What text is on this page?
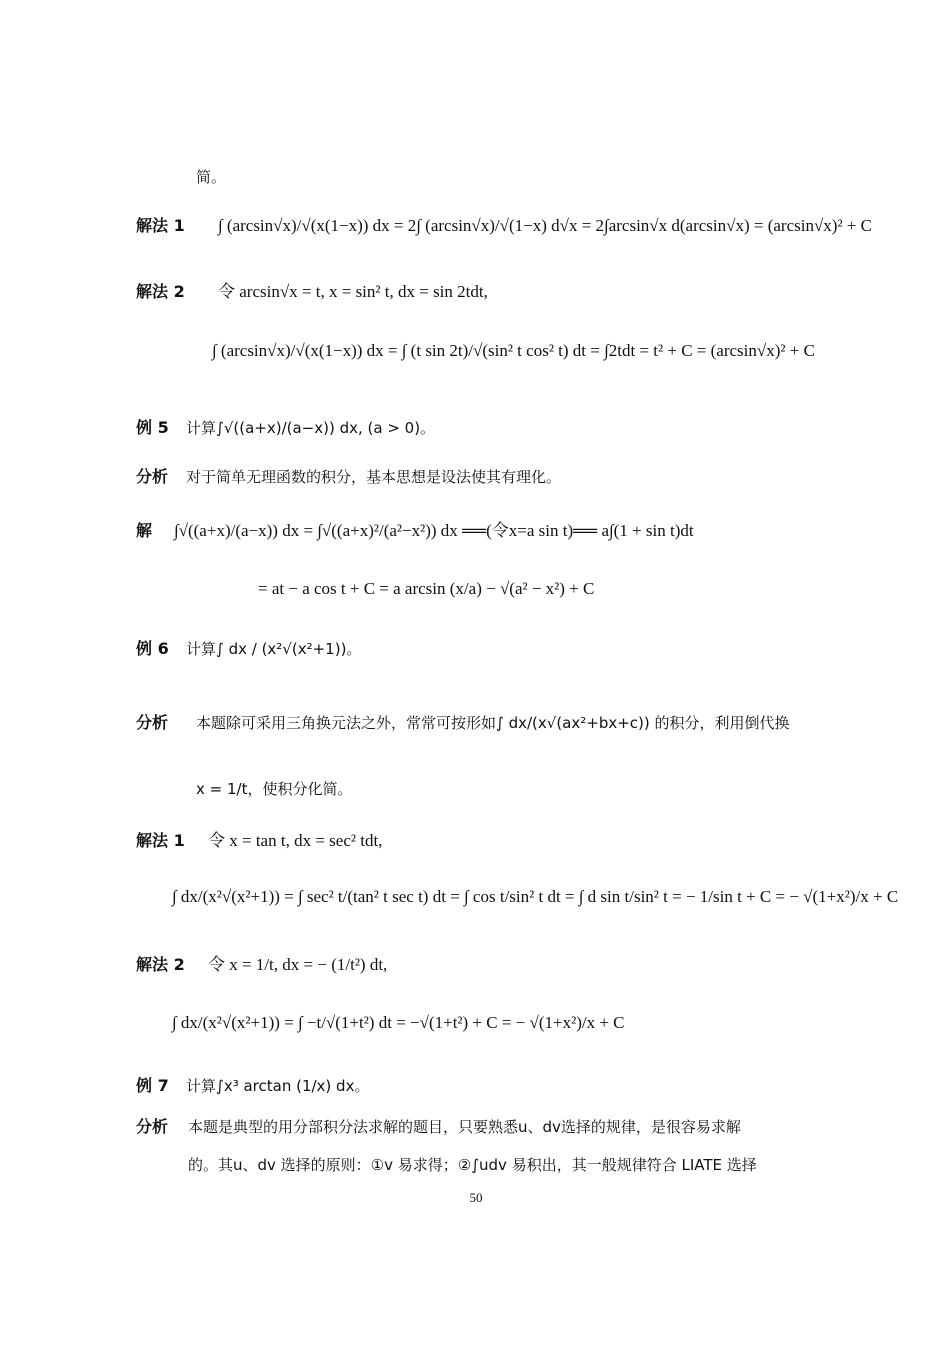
简。
解法 1 ∫ (arcsin√x)/√(x(1−x)) dx = 2∫ (arcsin√x)/√(1−x) d√x = 2∫arcsin√x d(arcsin√x) = (arcsin√x)² + C
解法 2 令 arcsin√x = t, x = sin² t, dx = sin 2tdt,
∫ (arcsin√x)/√(x(1−x)) dx = ∫ (t sin 2t)/√(sin² t cos² t) dt = ∫2tdt = t² + C = (arcsin√x)² + C
例 5 计算∫√((a+x)/(a−x)) dx, (a > 0)。
分析 对于简单无理函数的积分，基本思想是设法使其有理化。
解 ∫√((a+x)/(a−x)) dx = ∫√((a+x)²/(a²−x²)) dx ══(令x=a sin t)══ a∫(1 + sin t)dt
= at − a cos t + C = a arcsin (x/a) − √(a² − x²) + C
例 6 计算∫ dx / (x²√(x²+1))。
分析 本题除可采用三角换元法之外，常常可按形如∫ dx/(x√(ax²+bx+c)) 的积分，利用倒代换
x = 1/t，使积分化简。
解法 1 令 x = tan t, dx = sec² tdt,
∫ dx/(x²√(x²+1)) = ∫ sec² t/(tan² t sec t) dt = ∫ cos t/sin² t dt = ∫ d sin t/sin² t = − 1/sin t + C = − √(1+x²)/x + C
解法 2 令 x = 1/t, dx = − (1/t²) dt,
∫ dx/(x²√(x²+1)) = ∫ −t/√(1+t²) dt = −√(1+t²) + C = − √(1+x²)/x + C
例 7 计算∫x³ arctan (1/x) dx。
分析 本题是典型的用分部积分法求解的题目，只要熟悉u、dv选择的规律，是很容易求解
的。其u、dv 选择的原则：①v 易求得；②∫udv 易积出，其一般规律符合 LIATE 选择
50
